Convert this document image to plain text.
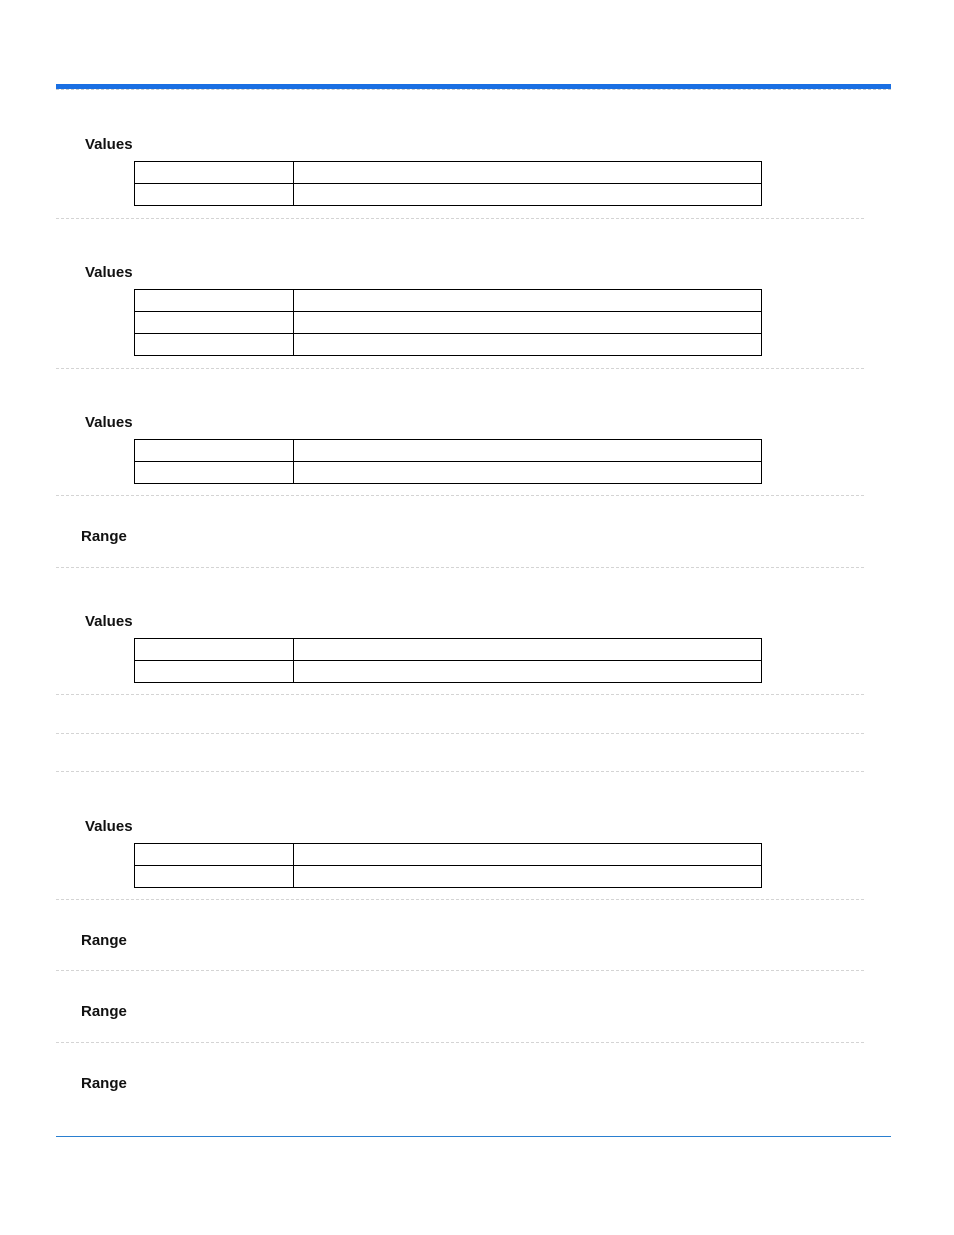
Values

Values

Values

Range
Values

Values

Range
Range
Range
